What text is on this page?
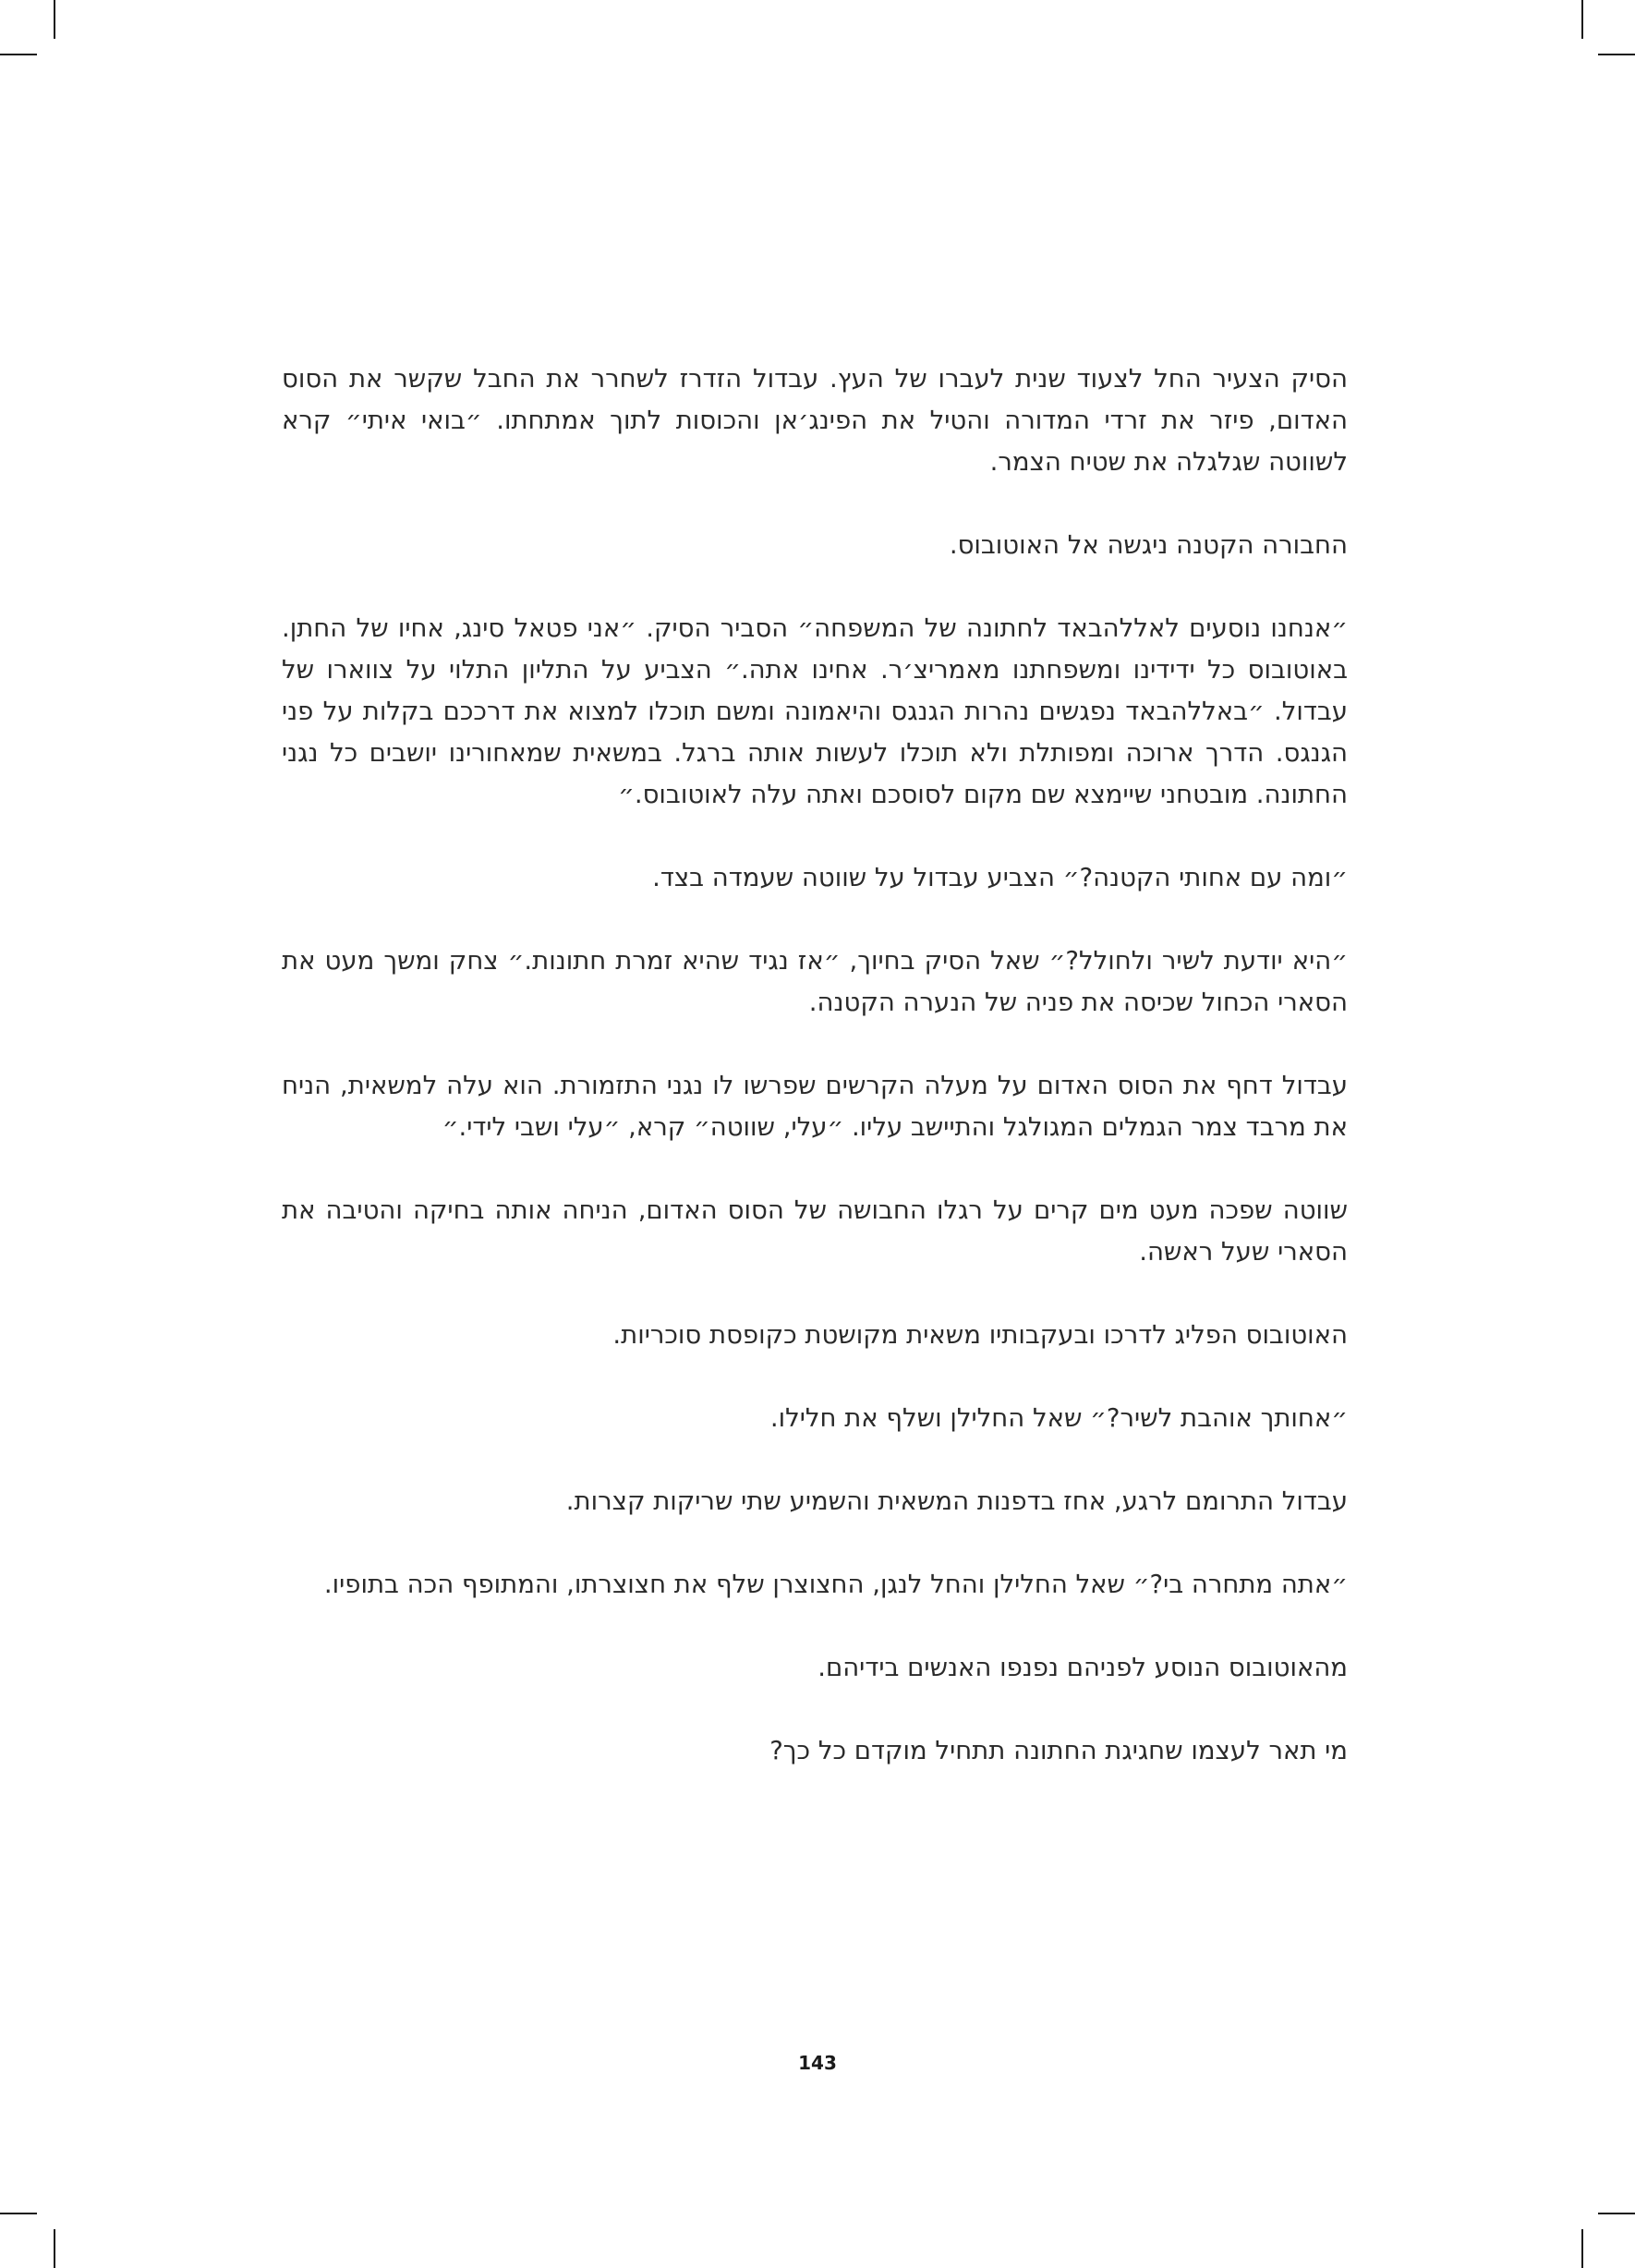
הסיק הצעיר החל לצעוד שנית לעברו של העץ. עבדול הזדרז לשחרר את החבל שקשר את הסוס האדום, פיזר את זרדי המדורה והטיל את הפינג׳אן והכוסות לתוך אמתחתו. ״בואי איתי״ קרא לשווטה שגלגלה את שטיח הצמר.

החבורה הקטנה ניגשה אל האוטובוס.

״אנחנו נוסעים לאללהבאד לחתונה של המשפחה״ הסביר הסיק. ״אני פטאל סינג, אחיו של החתן. באוטובוס כל ידידינו ומשפחתנו מאמריצ׳ר. אחינו אתה.״ הצביע על התליון התלוי על צווארו של עבדול. ״באללהבאד נפגשים נהרות הגנגס והיאמונה ומשם תוכלו למצוא את דרככם בקלות על פני הגנגס. הדרך ארוכה ומפותלת ולא תוכלו לעשות אותה ברגל. במשאית שמאחורינו יושבים כל נגני החתונה. מובטחני שיימצא שם מקום לסוסכם ואתה עלה לאוטובוס.״

״ומה עם אחותי הקטנה?״ הצביע עבדול על שווטה שעמדה בצד.

״היא יודעת לשיר ולחולל?״ שאל הסיק בחיוך, ״אז נגיד שהיא זמרת חתונות.״ צחק ומשך מעט את הסארי הכחול שכיסה את פניה של הנערה הקטנה.

עבדול דחף את הסוס האדום על מעלה הקרשים שפרשו לו נגני התזמורת. הוא עלה למשאית, הניח את מרבד צמר הגמלים המגולגל והתיישב עליו. ״עלי, שווטה״ קרא, ״עלי ושבי לידי.״

שווטה שפכה מעט מים קרים על רגלו החבושה של הסוס האדום, הניחה אותה בחיקה והטיבה את הסארי שעל ראשה.

האוטובוס הפליג לדרכו ובעקבותיו משאית מקושטת כקופסת סוכריות.

״אחותך אוהבת לשיר?״ שאל החלילן ושלף את חלילו.

עבדול התרומם לרגע, אחז בדפנות המשאית והשמיע שתי שריקות קצרות.

״אתה מתחרה בי?״ שאל החלילן והחל לנגן, החצוצרן שלף את חצוצרתו, והמתופף הכה בתופיו.

מהאוטובוס הנוסע לפניהם נפנפו האנשים בידיהם.

מי תאר לעצמו שחגיגת החתונה תתחיל מוקדם כל כך?

143
